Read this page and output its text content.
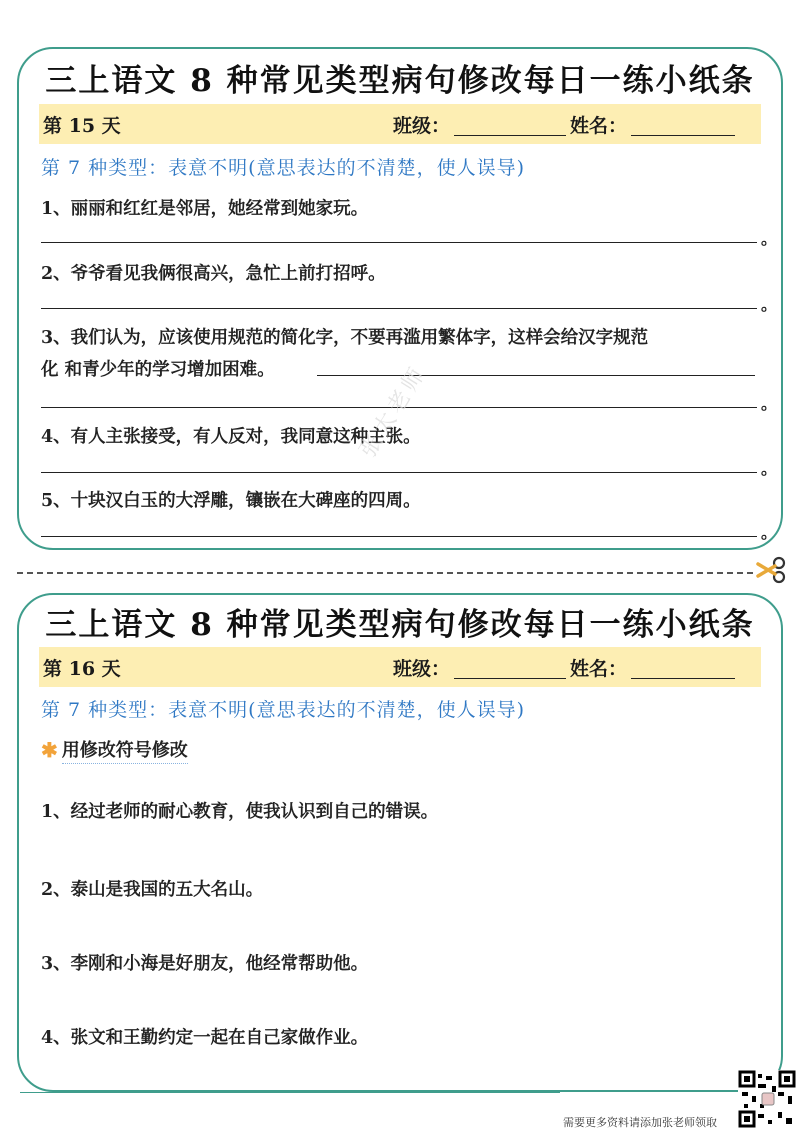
三上语文 8 种常见类型病句修改每日一练小纸条
第 15 天	班级：	姓名：
第 7 种类型：表意不明(意思表达的不清楚，使人误导)
1、丽丽和红红是邻居，她经常到她家玩。
。
2、爷爷看见我俩很高兴，急忙上前打招呼。
。
3、我们认为，应该使用规范的简化字，不要再滥用繁体字，这样会给汉字规范
化 和青少年的学习增加困难。
。
4、有人主张接受，有人反对，我同意这种主张。
。
5、十块汉白玉的大浮雕，镶嵌在大碑座的四周。
。
张太老师
三上语文 8 种常见类型病句修改每日一练小纸条
第 16 天	班级：	姓名：
第 7 种类型：表意不明(意思表达的不清楚，使人误导)
✱ 用修改符号修改
1、经过老师的耐心教育，使我认识到自己的错误。
2、泰山是我国的五大名山。
3、李刚和小海是好朋友，他经常帮助他。
4、张文和王勤约定一起在自己家做作业。
需要更多资料请添加张老师领取
